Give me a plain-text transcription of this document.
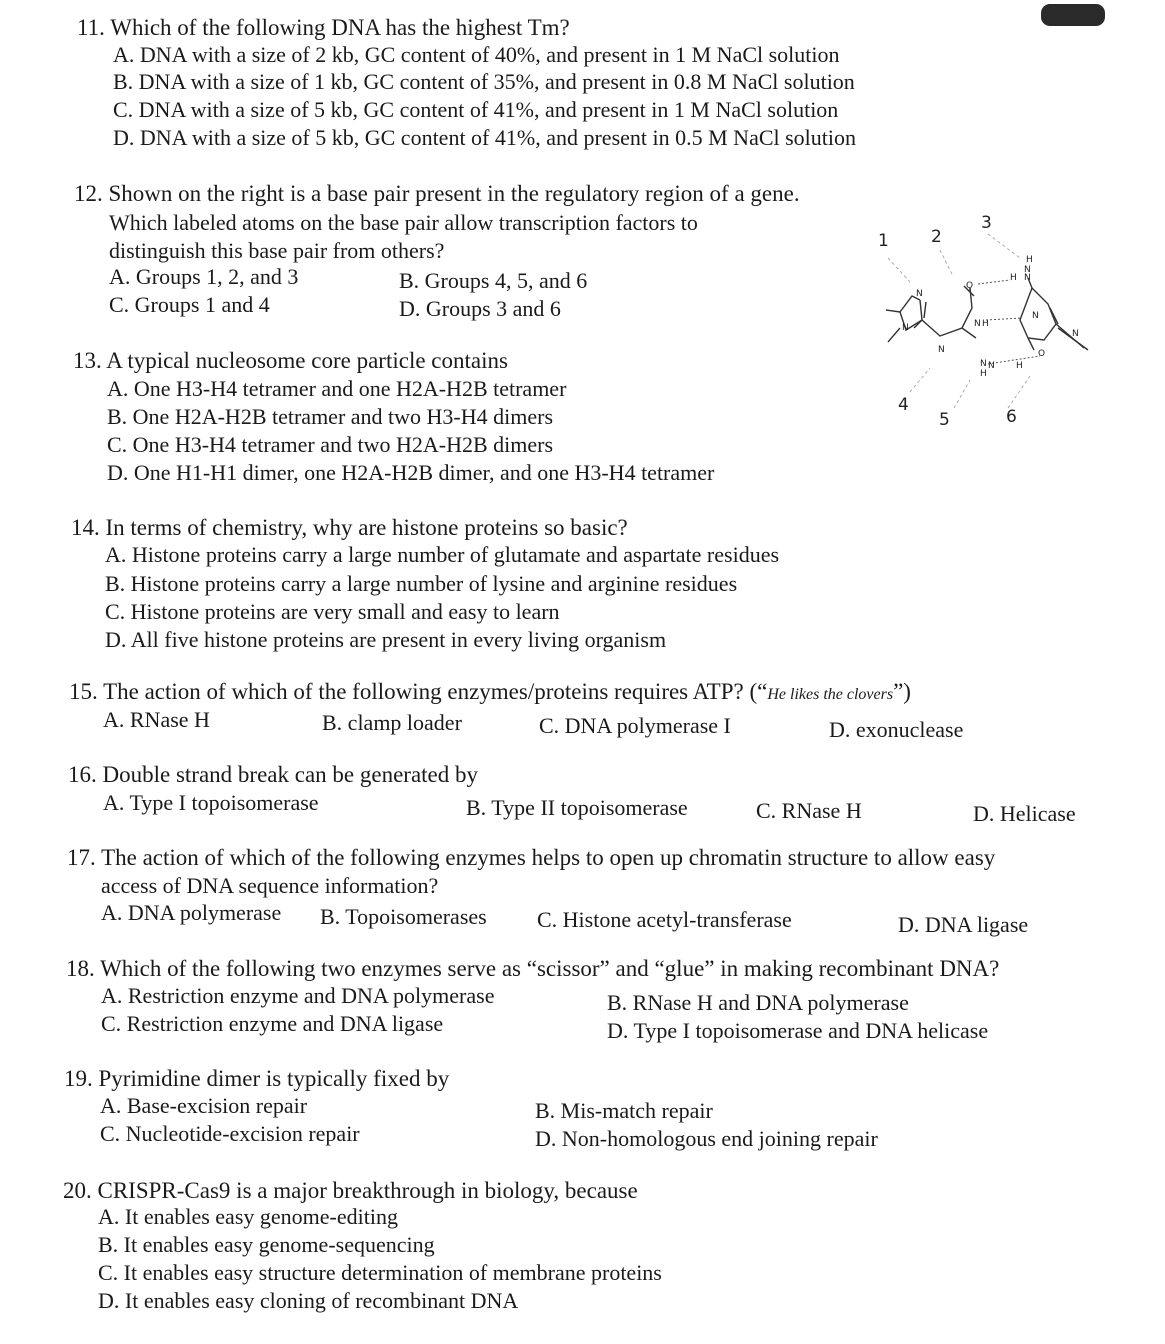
11. Which of the following DNA has the highest Tm?
A. DNA with a size of 2 kb, GC content of 40%, and present in 1 M NaCl solution
B. DNA with a size of 1 kb, GC content of 35%, and present in 0.8 M NaCl solution
C. DNA with a size of 5 kb, GC content of 41%, and present in 1 M NaCl solution
D. DNA with a size of 5 kb, GC content of 41%, and present in 0.5 M NaCl solution
12. Shown on the right is a base pair present in the regulatory region of a gene.
Which labeled atoms on the base pair allow transcription factors to
distinguish this base pair from others?
A. Groups 1, 2, and 3	B. Groups 4, 5, and 6
C. Groups 1 and 4	D. Groups 3 and 6
N
N
N
N
O
H
H
N
N
N
N
O
H
N
H
N H
1 2
3
4
5	6
13. A typical nucleosome core particle contains
A. One H3-H4 tetramer and one H2A-H2B tetramer
B. One H2A-H2B tetramer and two H3-H4 dimers
C. One H3-H4 tetramer and two H2A-H2B dimers
D. One H1-H1 dimer, one H2A-H2B dimer, and one H3-H4 tetramer
14. In terms of chemistry, why are histone proteins so basic?
A. Histone proteins carry a large number of glutamate and aspartate residues
B. Histone proteins carry a large number of lysine and arginine residues
C. Histone proteins are very small and easy to learn
D. All five histone proteins are present in every living organism
15. The action of which of the following enzymes/proteins requires ATP? (“He likes the clovers”)
A. RNase H	B. clamp loader	C. DNA polymerase I	D. exonuclease
16. Double strand break can be generated by
A. Type I topoisomerase	B. Type II topoisomerase	C. RNase H	D. Helicase
17. The action of which of the following enzymes helps to open up chromatin structure to allow easy
access of DNA sequence information?
A. DNA polymerase B. Topoisomerases C. Histone acetyl-transferase	D. DNA ligase
18. Which of the following two enzymes serve as “scissor” and “glue” in making recombinant DNA?
A. Restriction enzyme and DNA polymerase	B. RNase H and DNA polymerase
C. Restriction enzyme and DNA ligase	D. Type I topoisomerase and DNA helicase
19. Pyrimidine dimer is typically fixed by
A. Base-excision repair	B. Mis-match repair
C. Nucleotide-excision repair	D. Non-homologous end joining repair
20. CRISPR-Cas9 is a major breakthrough in biology, because
A. It enables easy genome-editing
B. It enables easy genome-sequencing
C. It enables easy structure determination of membrane proteins
D. It enables easy cloning of recombinant DNA
